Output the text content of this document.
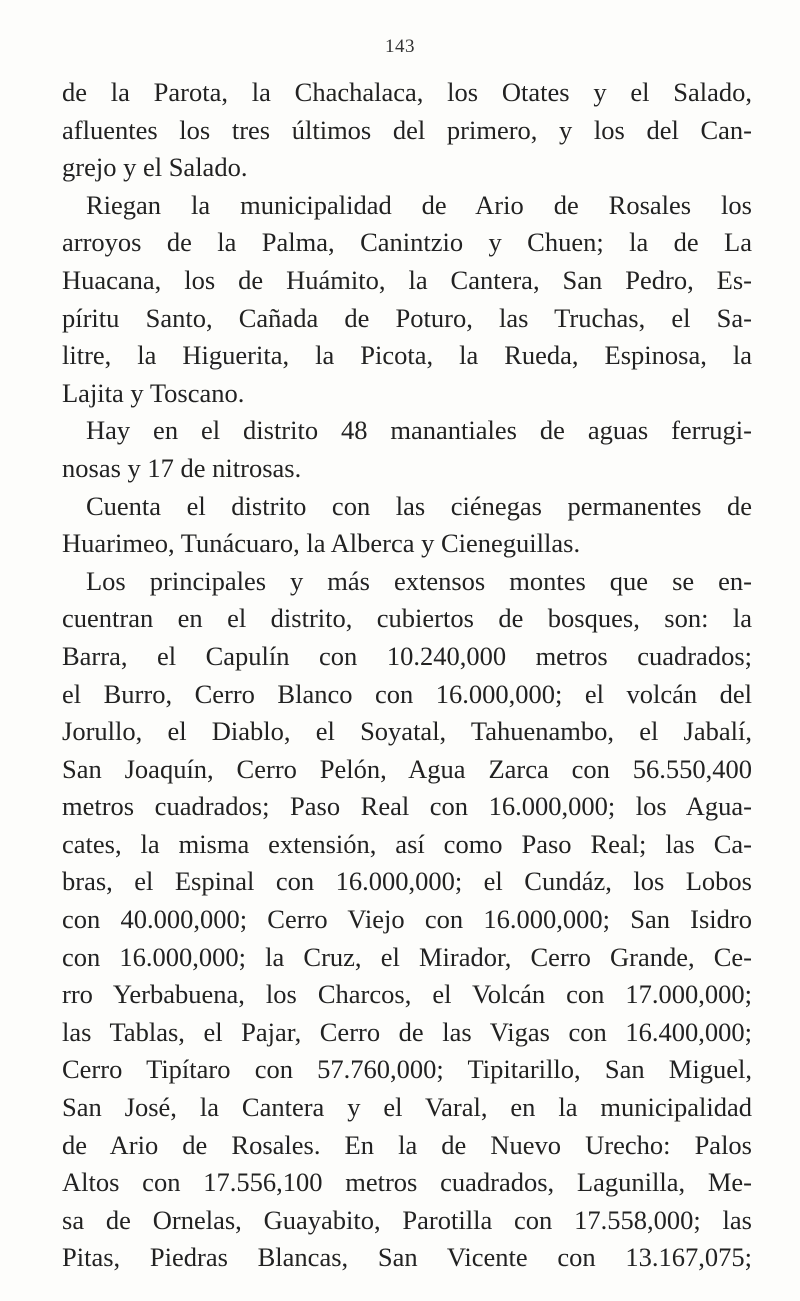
143
de la Parota, la Chachalaca, los Otates y el Salado,
afluentes los tres últimos del primero, y los del Can-
grejo y el Salado.
Riegan la municipalidad de Ario de Rosales los
arroyos de la Palma, Canintzio y Chuen; la de La
Huacana, los de Huámito, la Cantera, San Pedro, Es-
píritu Santo, Cañada de Poturo, las Truchas, el Sa-
litre, la Higuerita, la Picota, la Rueda, Espinosa, la
Lajita y Toscano.
Hay en el distrito 48 manantiales de aguas ferrugi-
nosas y 17 de nitrosas.
Cuenta el distrito con las ciénegas permanentes de
Huarimeo, Tunácuaro, la Alberca y Cieneguillas.
Los principales y más extensos montes que se en-
cuentran en el distrito, cubiertos de bosques, son: la
Barra, el Capulín con 10.240,000 metros cuadrados;
el Burro, Cerro Blanco con 16.000,000; el volcán del
Jorullo, el Diablo, el Soyatal, Tahuenambo, el Jabalí,
San Joaquín, Cerro Pelón, Agua Zarca con 56.550,400
metros cuadrados; Paso Real con 16.000,000; los Agua-
cates, la misma extensión, así como Paso Real; las Ca-
bras, el Espinal con 16.000,000; el Cundáz, los Lobos
con 40.000,000; Cerro Viejo con 16.000,000; San Isidro
con 16.000,000; la Cruz, el Mirador, Cerro Grande, Ce-
rro Yerbabuena, los Charcos, el Volcán con 17.000,000;
las Tablas, el Pajar, Cerro de las Vigas con 16.400,000;
Cerro Tipítaro con 57.760,000; Tipitarillo, San Miguel,
San José, la Cantera y el Varal, en la municipalidad
de Ario de Rosales. En la de Nuevo Urecho: Palos
Altos con 17.556,100 metros cuadrados, Lagunilla, Me-
sa de Ornelas, Guayabito, Parotilla con 17.558,000; las
Pitas, Piedras Blancas, San Vicente con 13.167,075;
